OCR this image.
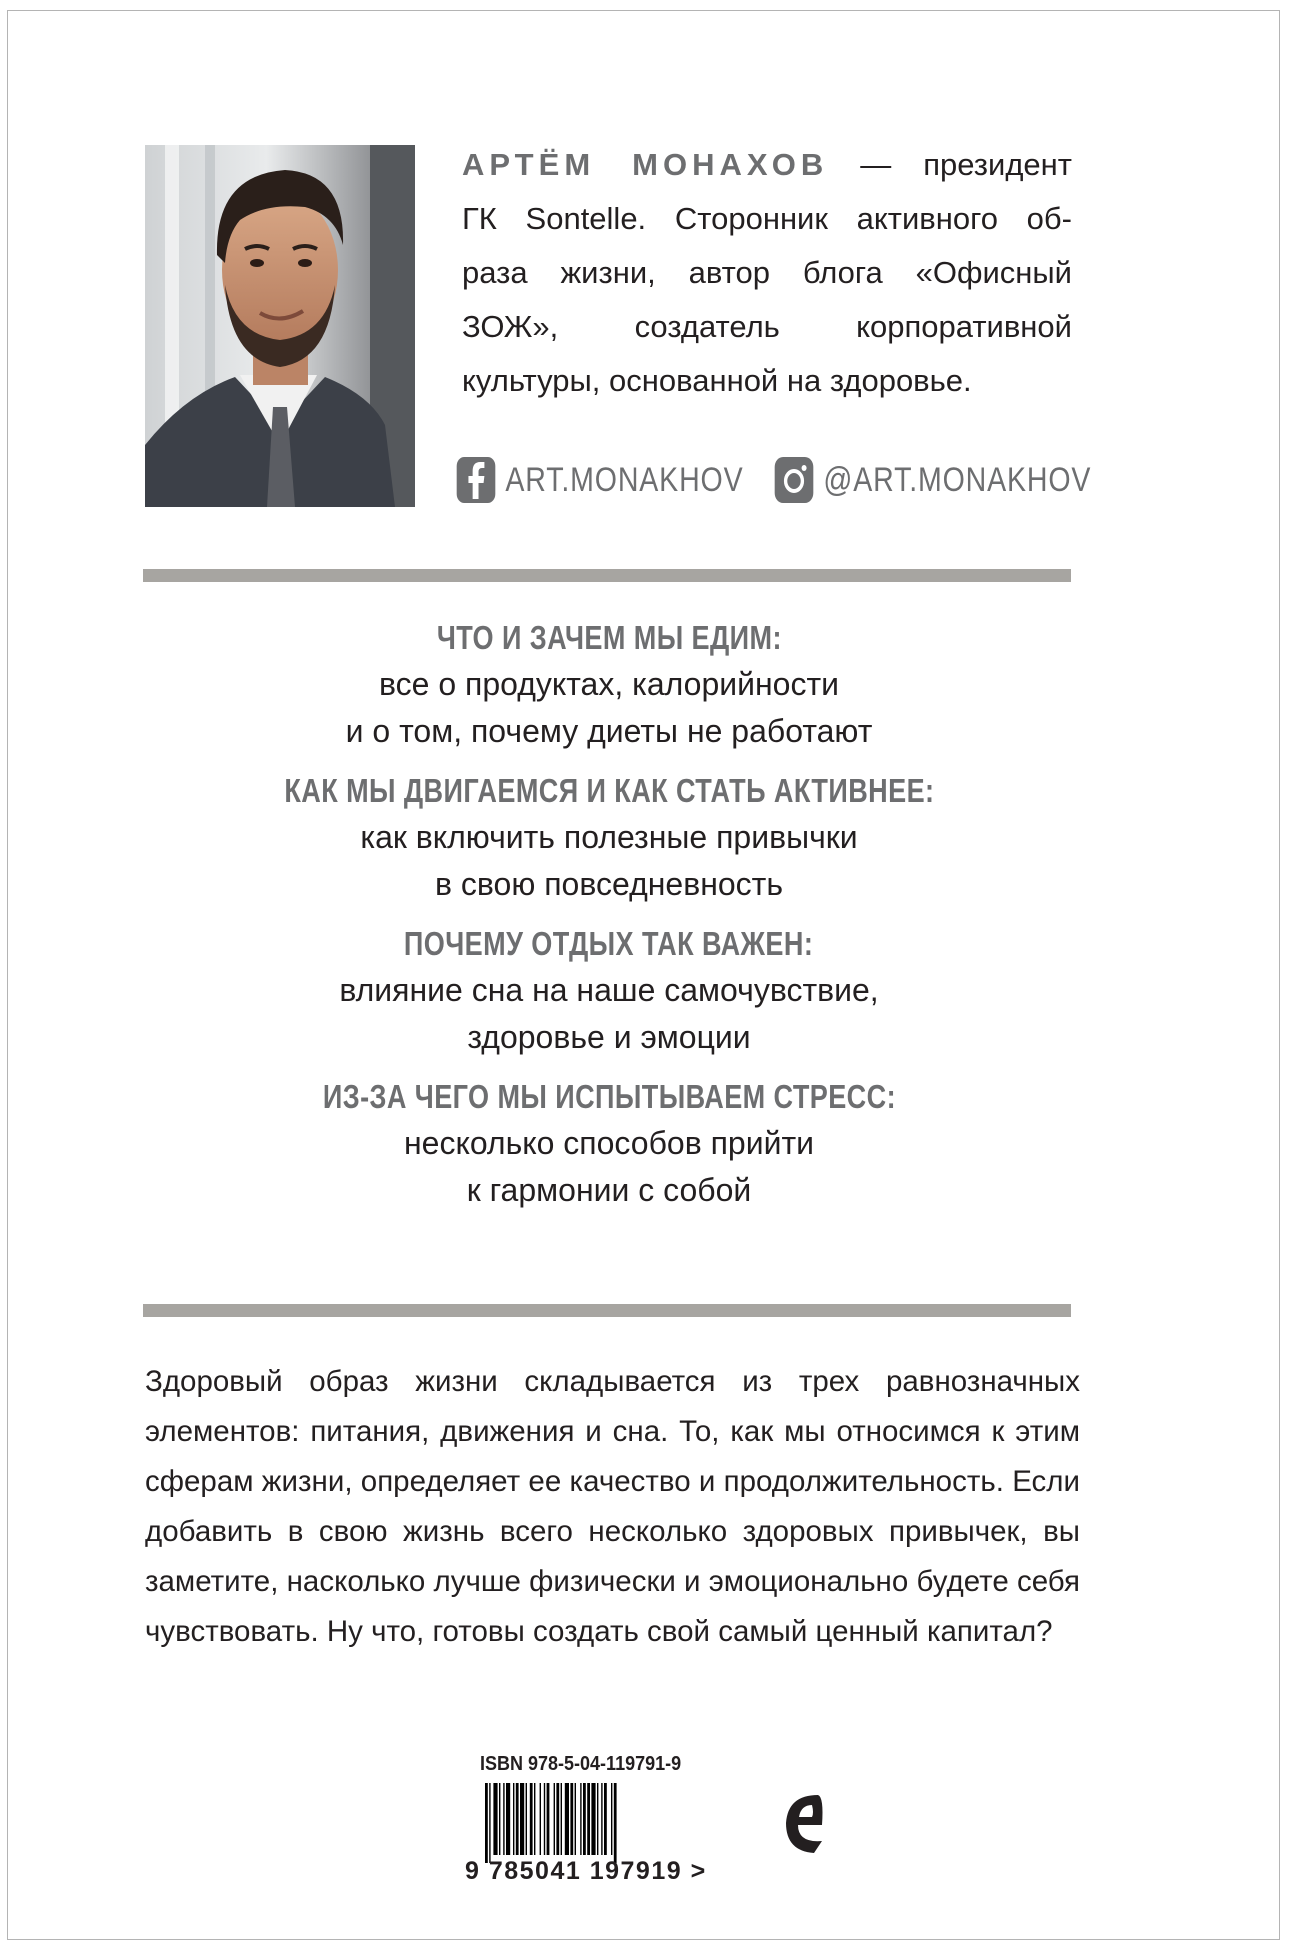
АРТЁМ МОНАХОВ — президент
ГК Sontelle. Сторонник активного об-
раза жизни, автор блога «Офисный
ЗОЖ», создатель корпоративной
культуры, основанной на здоровье.
ART.MONAKHOV @ART.MONAKHOV
ЧТО И ЗАЧЕМ МЫ ЕДИМ:
все о продуктах, калорийности
и о том, почему диеты не работают
КАК МЫ ДВИГАЕМСЯ И КАК СТАТЬ АКТИВНЕЕ:
как включить полезные привычки
в свою повседневность
ПОЧЕМУ ОТДЫХ ТАК ВАЖЕН:
влияние сна на наше самочувствие,
здоровье и эмоции
ИЗ-ЗА ЧЕГО МЫ ИСПЫТЫВАЕМ СТРЕСС:
несколько способов прийти
к гармонии с собой
Здоровый образ жизни складывается из трех равнозначных элементов: питания, движения и сна. То, как мы относимся к этим сферам жизни, определяет ее качество и продолжительность. Если добавить в свою жизнь всего несколько здоровых привычек, вы заметите, насколько лучше физически и эмоционально будете себя чувствовать. Ну что, готовы создать свой самый ценный капитал?
ISBN 978-5-04-119791-9
9 785041 197919 >
